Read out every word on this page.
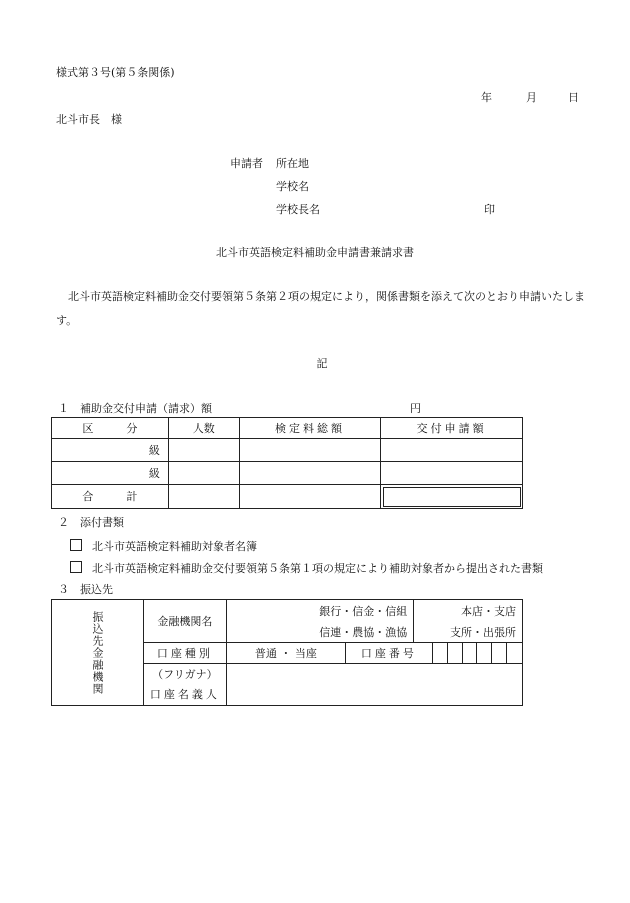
様式第３号(第５条関係)
年	月	日
北斗市長　様
申請者 所在地
学校名
学校長名	印
北斗市英語検定料補助金申請書兼請求書
北斗市英語検定料補助金交付要領第５条第２項の規定により，関係書類を添えて次のとおり申請いたします。
記
１　補助金交付申請（請求）額	円
区　　　分	人数	検定料総額	交付申請額
級			
級			
合　　　計			
２　添付書類
北斗市英語検定料補助対象者名簿
北斗市英語検定料補助金交付要領第５条第１項の規定により補助対象者から提出された書類
３　振込先
振込先金融機関	金融機関名	銀行・信金・信組		本店・支店						
		信連・農協・漁協		支所・出張所						
	口座種別	普通 ・ 当座	口座番号							
	（フリガナ）									
	口座名義人									
